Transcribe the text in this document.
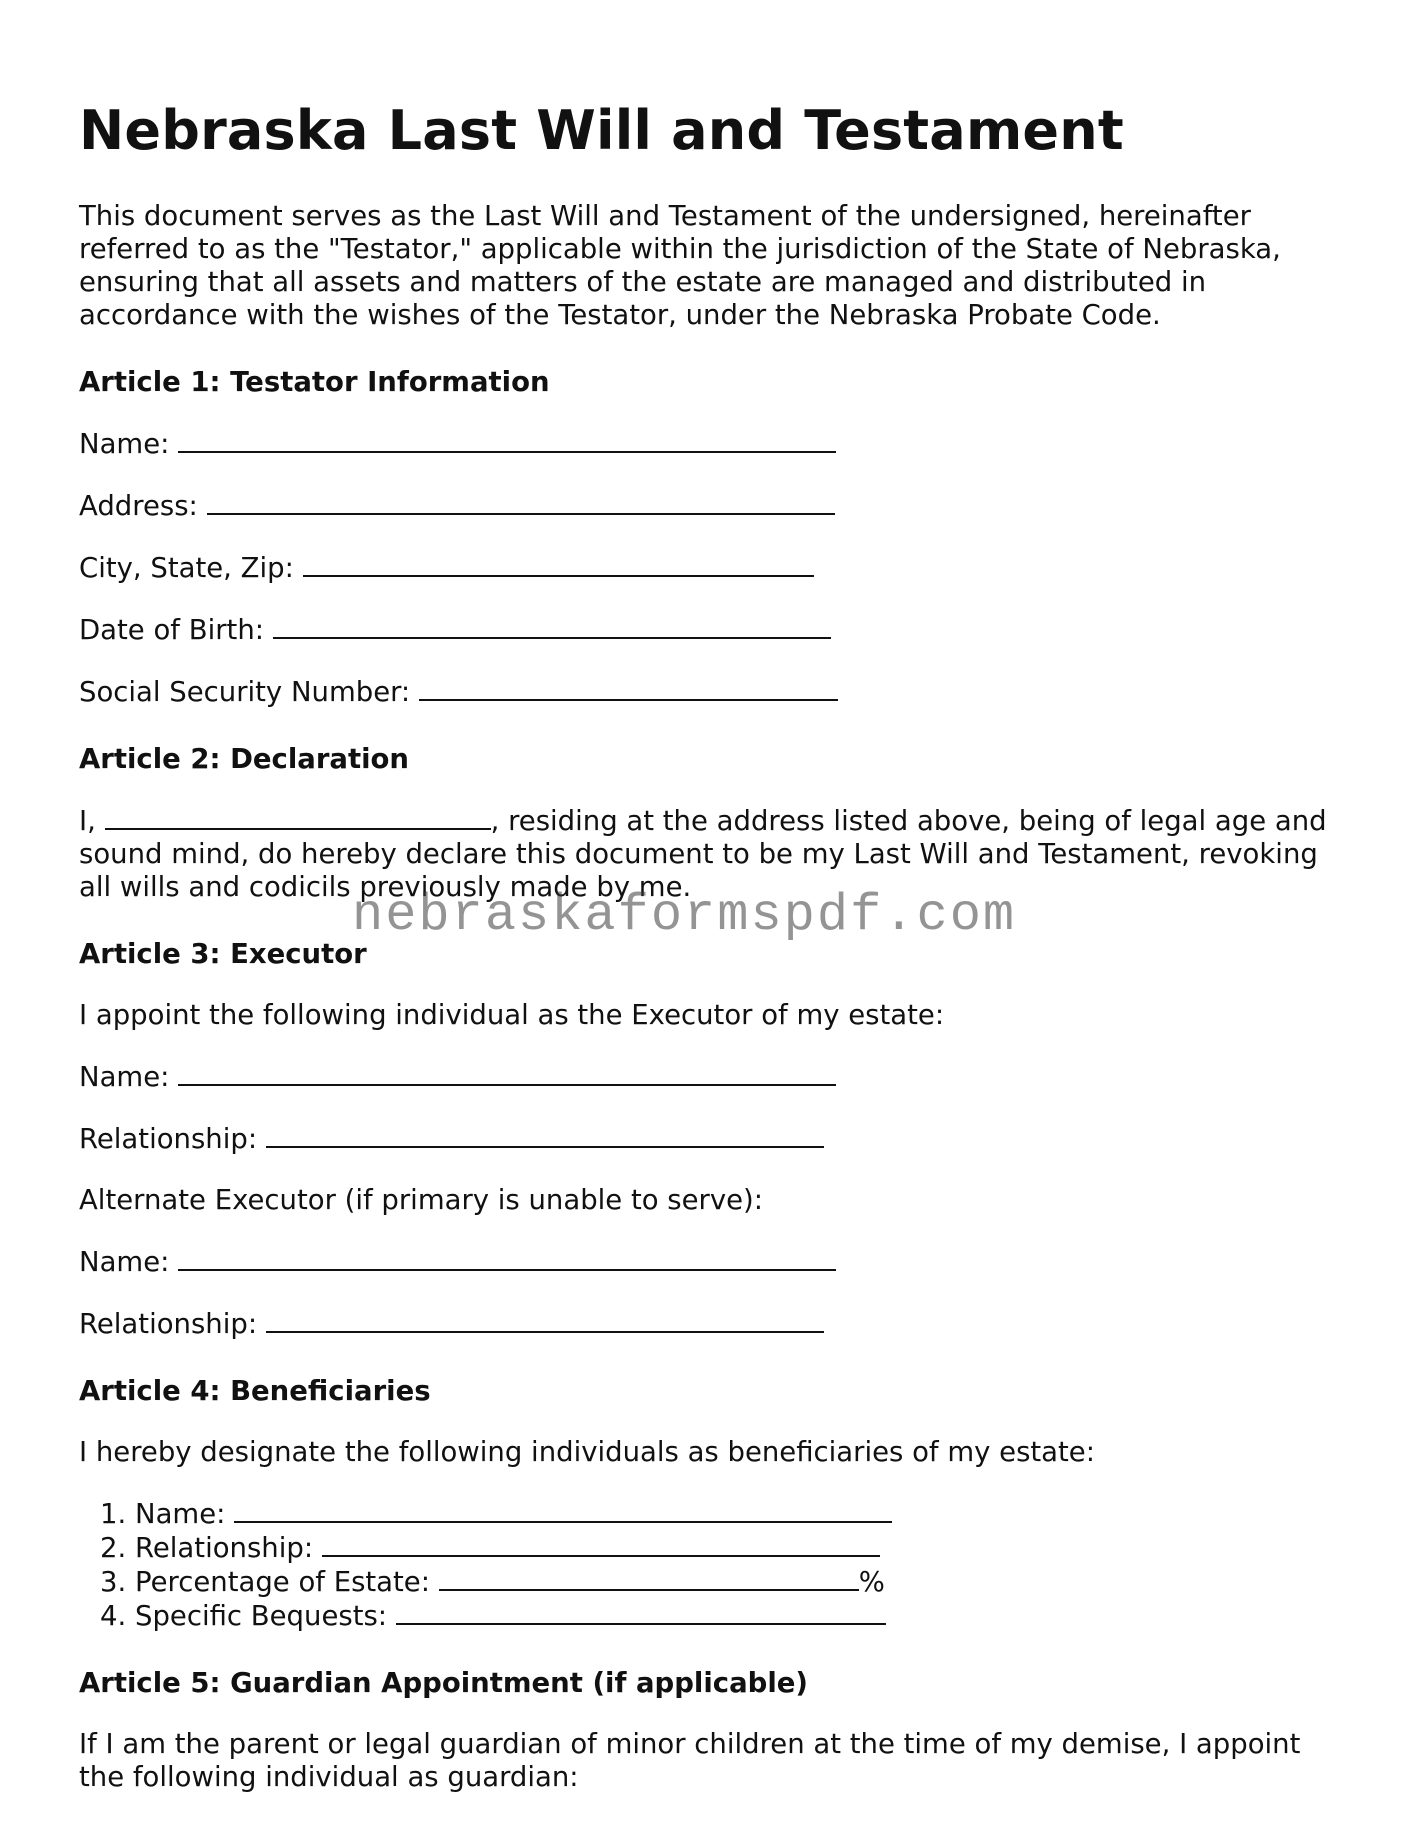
Nebraska Last Will and Testament

This document serves as the Last Will and Testament of the undersigned, hereinafter referred to as the "Testator," applicable within the jurisdiction of the State of Nebraska, ensuring that all assets and matters of the estate are managed and distributed in accordance with the wishes of the Testator, under the Nebraska Probate Code.

Article 1: Testator Information

Name:

Address:

City, State, Zip:

Date of Birth:

Social Security Number:

Article 2: Declaration

I,	, residing at the address listed above, being of legal age and sound mind, do hereby declare this document to be my Last Will and Testament, revoking all wills and codicils previously made by me.

Article 3: Executor

I appoint the following individual as the Executor of my estate:

Name:

Relationship:

Alternate Executor (if primary is unable to serve):

Name:

Relationship:

Article 4: Beneficiaries

I hereby designate the following individuals as beneficiaries of my estate:

1. Name:
2. Relationship:
3. Percentage of Estate:	%
4. Specific Bequests:
Article 5: Guardian Appointment (if applicable)

If I am the parent or legal guardian of minor children at the time of my demise, I appoint the following individual as guardian:

nebraskaformspdf.com
